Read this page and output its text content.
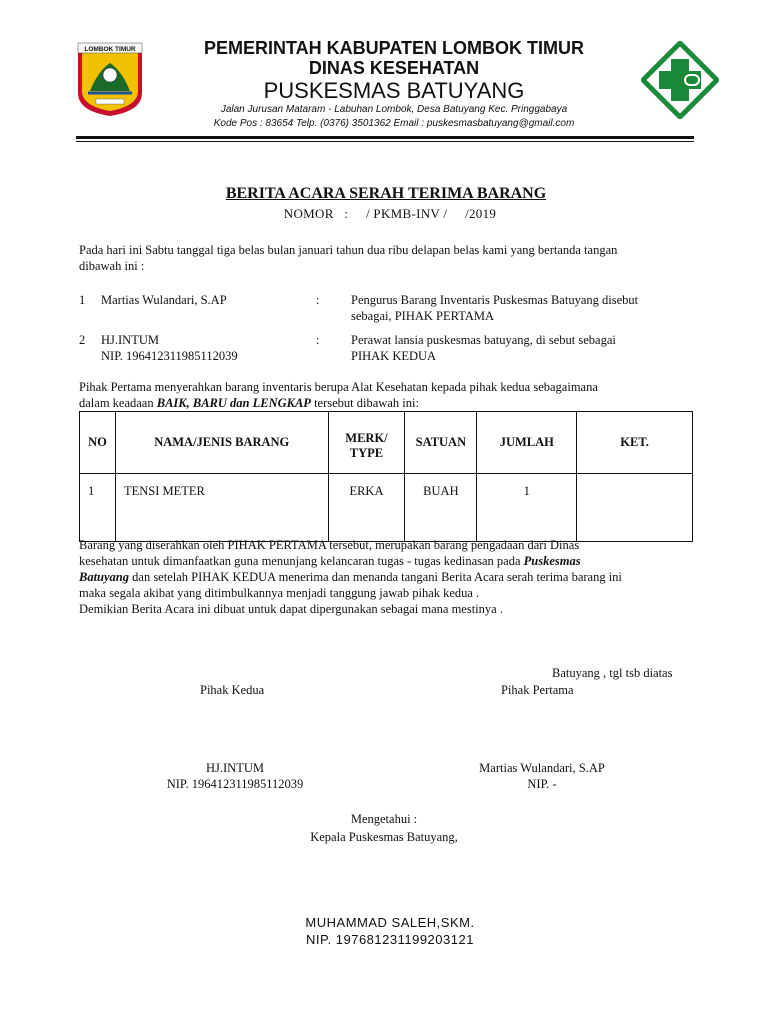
LOMBOK TIMUR	PEMERINTAH KABUPATEN LOMBOK TIMUR
DINAS KESEHATAN
PUSKESMAS BATUYANG
Jalan Jurusan Mataram - Labuhan Lombok, Desa Batuyang Kec. Pringgabaya
Kode Pos : 83654 Telp. (0376) 3501362 Email : puskesmasbatuyang@gmail.com
BERITA ACARA SERAH TERIMA BARANG
NOMOR   :     / PKMB-INV /     /2019
Pada hari ini Sabtu tanggal tiga belas bulan januari tahun dua ribu delapan belas kami yang bertanda tangan
dibawah ini :
1 Martias Wulandari, S.AP	:	Pengurus Barang Inventaris Puskesmas Batuyang disebut
sebagai, PIHAK PERTAMA
2 HJ.INTUM
NIP. 196412311985112039
:	Perawat lansia puskesmas batuyang, di sebut sebagai
PIHAK KEDUA
Pihak Pertama menyerahkan barang inventaris berupa Alat Kesehatan kepada pihak kedua sebagaimana
dalam keadaan BAIK, BARU dan LENGKAP tersebut dibawah ini:
NO	NAMA/JENIS BARANG	MERK/
TYPE	SATUAN	JUMLAH	KET.
1	TENSI METER	ERKA	BUAH	1	
Barang yang diserahkan oleh PIHAK PERTAMA tersebut, merupakan barang pengadaan dari Dinas
kesehatan untuk dimanfaatkan guna menunjang kelancaran tugas - tugas kedinasan pada Puskesmas
Batuyang dan setelah PIHAK KEDUA menerima dan menanda tangani Berita Acara serah terima barang ini
maka segala akibat yang ditimbulkannya menjadi tanggung jawab pihak kedua .
Demikian Berita Acara ini dibuat untuk dapat dipergunakan sebagai mana mestinya .
Batuyang , tgl tsb diatas
Pihak Kedua	Pihak Pertama
HJ.INTUM
NIP. 196412311985112039
Martias Wulandari, S.AP
NIP. -
Mengetahui :
Kepala Puskesmas Batuyang,
MUHAMMAD SALEH,SKM.
NIP. 197681231199203121
